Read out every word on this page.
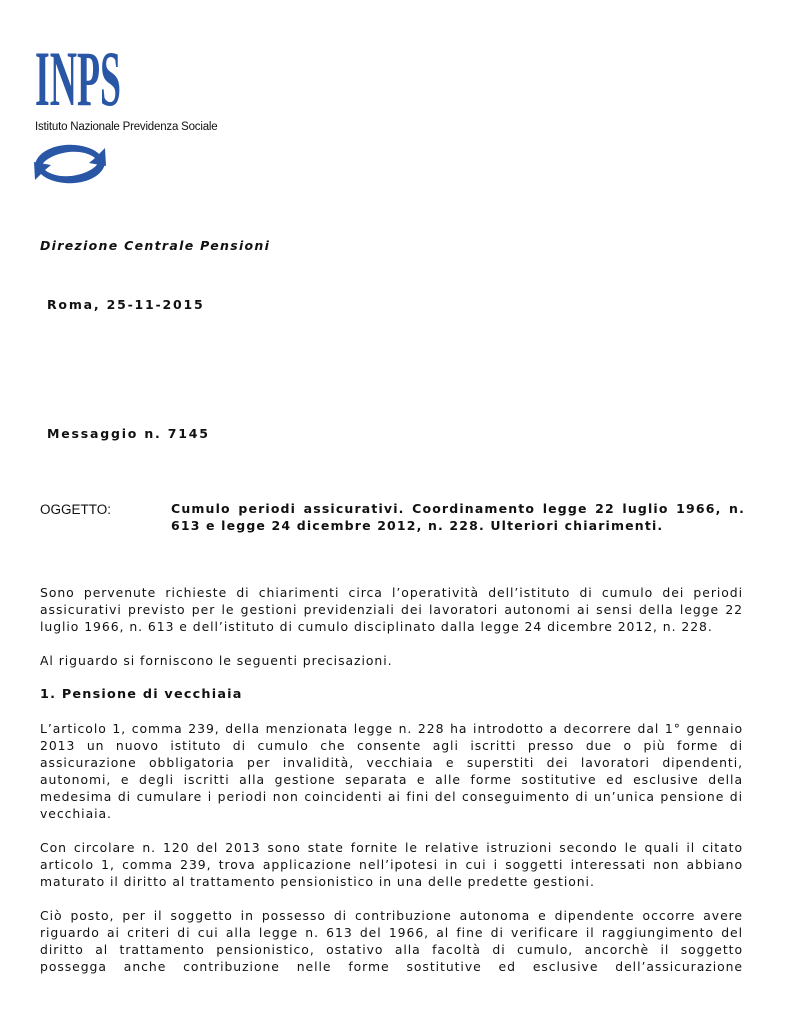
INPS
Istituto Nazionale Previdenza Sociale
Direzione Centrale Pensioni
Roma, 25-11-2015
Messaggio n. 7145
OGGETTO:	Cumulo periodi assicurativi. Coordinamento legge 22 luglio 1966, n. 613 e legge 24 dicembre 2012, n. 228. Ulteriori chiarimenti.

Sono pervenute richieste di chiarimenti circa l’operatività dell’istituto di cumulo dei periodi assicurativi previsto per le gestioni previdenziali dei lavoratori autonomi ai sensi della legge 22 luglio 1966, n. 613 e dell’istituto di cumulo disciplinato dalla legge 24 dicembre 2012, n. 228.

Al riguardo si forniscono le seguenti precisazioni.

1. Pensione di vecchiaia

L’articolo 1, comma 239, della menzionata legge n. 228 ha introdotto a decorrere dal 1° gennaio 2013 un nuovo istituto di cumulo che consente agli iscritti presso due o più forme di assicurazione obbligatoria per invalidità, vecchiaia e superstiti dei lavoratori dipendenti, autonomi, e degli iscritti alla gestione separata e alle forme sostitutive ed esclusive della medesima di cumulare i periodi non coincidenti ai fini del conseguimento di un’unica pensione di vecchiaia.

Con circolare n. 120 del 2013 sono state fornite le relative istruzioni secondo le quali il citato articolo 1, comma 239, trova applicazione nell’ipotesi in cui i soggetti interessati non abbiano maturato il diritto al trattamento pensionistico in una delle predette gestioni.

Ciò posto, per il soggetto in possesso di contribuzione autonoma e dipendente occorre avere riguardo ai criteri di cui alla legge n. 613 del 1966, al fine di verificare il raggiungimento del diritto al trattamento pensionistico, ostativo alla facoltà di cumulo, ancorchè il soggetto possegga anche contribuzione nelle forme sostitutive ed esclusive dell’assicurazione
